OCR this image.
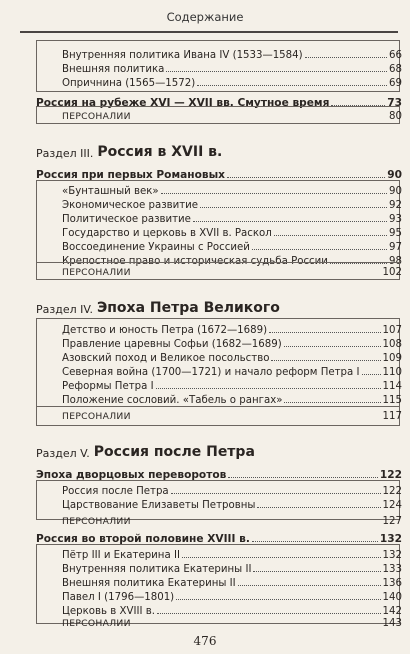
Содержание
Внутренняя политика Ивана IV (1533—1584)	66
Внешняя политика	68
Опричнина (1565—1572)	69
Россия на рубеже XVI — XVII вв. Смутное время	73
ПЕРСОНАЛИИ	80
Раздел III. Россия в XVII в.
Россия при первых Романовых	90
«Бунташный век»	90
Экономическое развитие	92
Политическое развитие	93
Государство и церковь в XVII в. Раскол	95
Воссоединение Украины с Россией	97
Крепостное право и историческая судьба России	98
ПЕРСОНАЛИИ	102
Раздел IV. Эпоха Петра Великого
Детство и юность Петра (1672—1689)	107
Правление царевны Софьи (1682—1689)	108
Азовский поход и Великое посольство	109
Северная война (1700—1721) и начало реформ Петра I 110
Реформы Петра I	114
Положение сословий. «Табель о рангах»	115
ПЕРСОНАЛИИ	117
Раздел V. Россия после Петра
Эпоха дворцовых переворотов	122
Россия после Петра	122
Царствование Елизаветы Петровны	124
ПЕРСОНАЛИИ	127
Россия во второй половине XVIII в.	132
Пётр III и Екатерина II	132
Внутренняя политика Екатерины II	133
Внешняя политика Екатерины II	136
Павел I (1796—1801)	140
Церковь в XVIII в.	142
ПЕРСОНАЛИИ	143
476
